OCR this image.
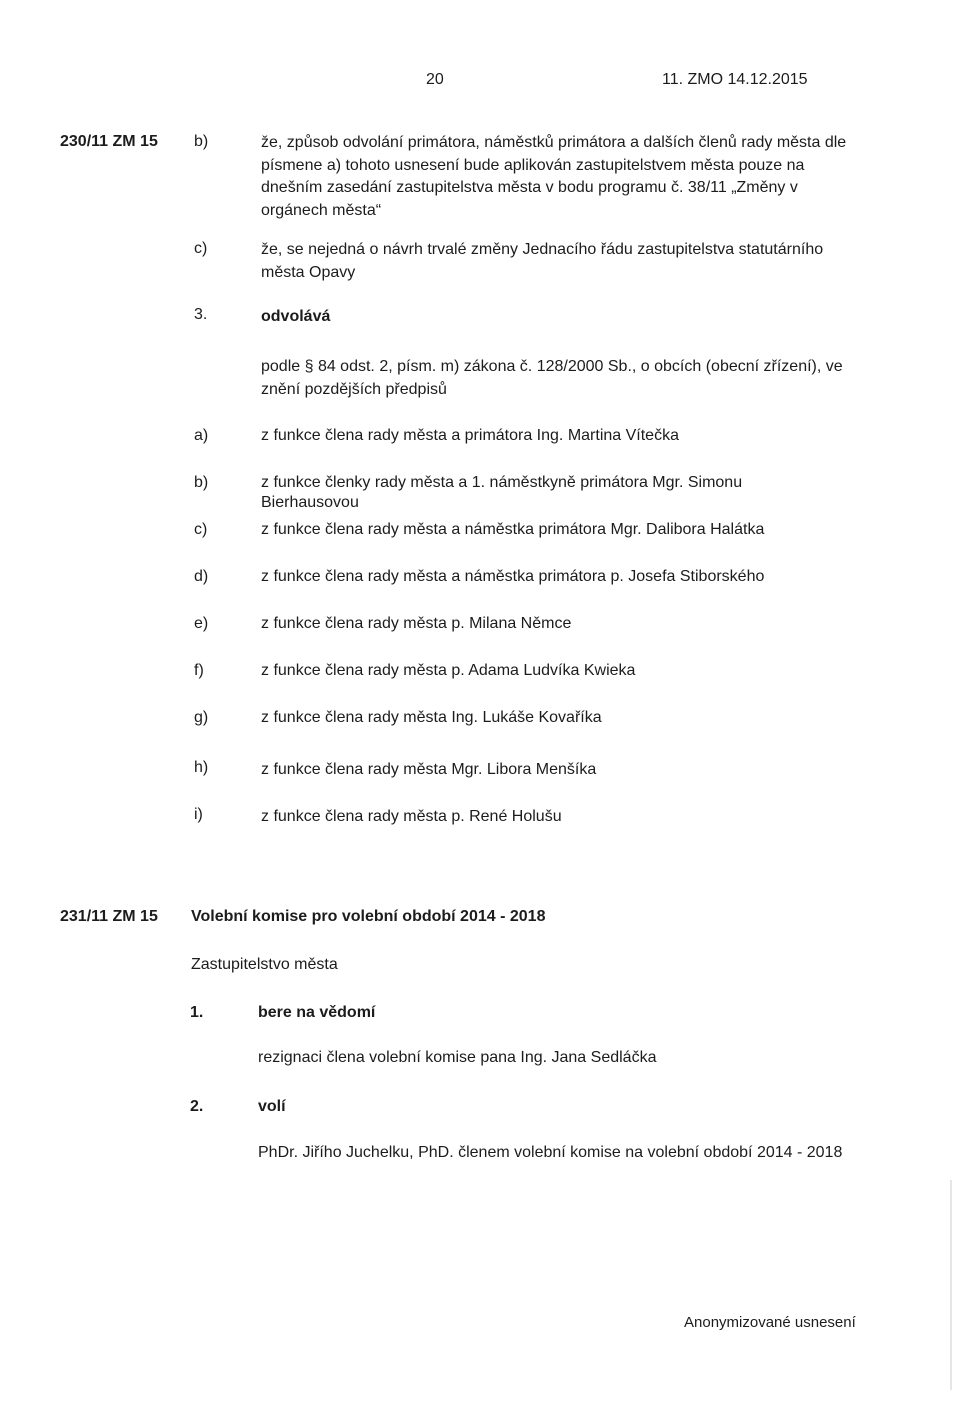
20	11. ZMO 14.12.2015
230/11 ZM 15 b)	že, způsob odvolání primátora, náměstků primátora a dalších členů rady města dle písmene a) tohoto usnesení bude aplikován zastupitelstvem města pouze na dnešním zasedání zastupitelstva města v bodu programu č. 38/11 „Změny v orgánech města“
c)	že, se nejedná o návrh trvalé změny Jednacího řádu zastupitelstva statutárního města Opavy
3.	odvolává
podle § 84 odst. 2, písm. m) zákona č. 128/2000 Sb., o obcích (obecní zřízení), ve znění pozdějších předpisů
a)	z funkce člena rady města a primátora Ing. Martina Vítečka
b)	z funkce členky rady města a 1. náměstkyně primátora Mgr. Simonu Bierhausovou
c)	z funkce člena rady města a náměstka primátora Mgr. Dalibora Halátka
d)	z funkce člena rady města a náměstka primátora p. Josefa Stiborského
e)	z funkce člena rady města p. Milana Němce
f)	z funkce člena rady města p. Adama Ludvíka Kwieka
g)	z funkce člena rady města Ing. Lukáše Kovaříka
h)	z funkce člena rady města Mgr. Libora Menšíka
i)	z funkce člena rady města p. René Holušu
231/11 ZM 15 Volební komise pro volební období 2014 - 2018
Zastupitelstvo města
1.	bere na vědomí
rezignaci člena volební komise pana Ing. Jana Sedláčka
2.	volí
PhDr. Jiřího Juchelku, PhD. členem volební komise na volební období 2014 - 2018
Anonymizované usnesení
